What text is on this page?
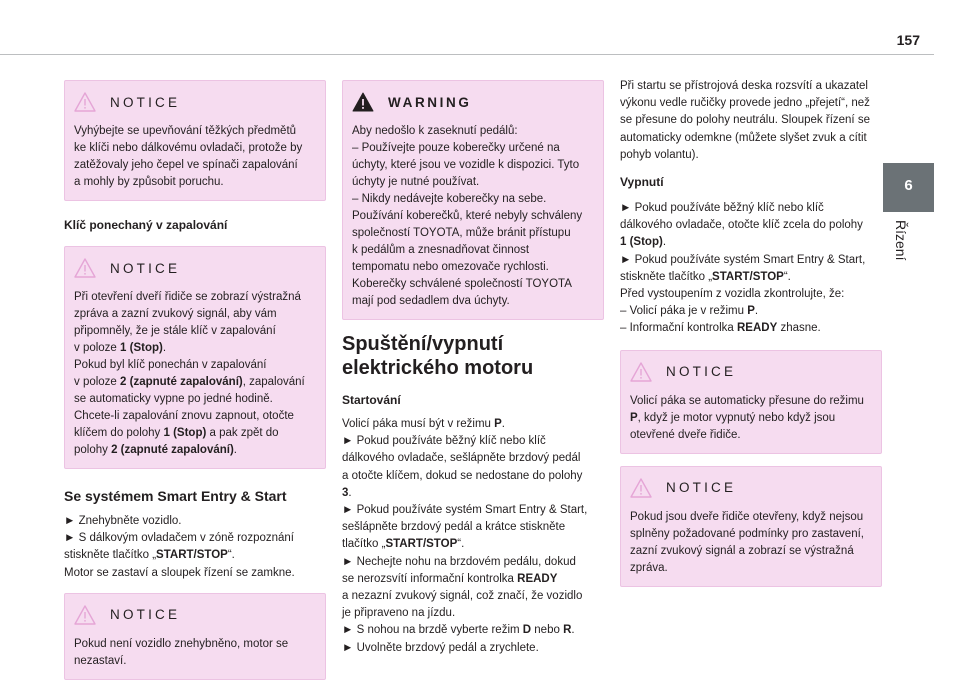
157
6
Řízení
NOTICE

Vyhýbejte se upevňování těžkých předmětů

ke klíči nebo dálkovému ovladači, protože by

zatěžovaly jeho čepel ve spínači zapalování

a mohly by způsobit poruchu.

Klíč ponechaný v zapalování
NOTICE

Při otevření dveří řidiče se zobrazí výstražná

zpráva a zazní zvukový signál, aby vám

připomněly, že je stále klíč v zapalování

v poloze 1 (Stop).

Pokud byl klíč ponechán v zapalování

v poloze 2 (zapnuté zapalování), zapalování

se automaticky vypne po jedné hodině.

Chcete-li zapalování znovu zapnout, otočte

klíčem do polohy 1 (Stop) a pak zpět do

polohy 2 (zapnuté zapalování).

Se systémem Smart Entry & Start

► Znehybněte vozidlo.

► S dálkovým ovladačem v zóně rozpoznání

stiskněte tlačítko „START/STOP“.

Motor se zastaví a sloupek řízení se zamkne.

NOTICE

Pokud není vozidlo znehybněno, motor se

nezastaví.

WARNING

Aby nedošlo k zaseknutí pedálů:

– Používejte pouze koberečky určené na

úchyty, které jsou ve vozidle k dispozici. Tyto

úchyty je nutné používat.

– Nikdy nedávejte koberečky na sebe.

Používání koberečků, které nebyly schváleny

společností TOYOTA, může bránit přístupu

k pedálům a znesnadňovat činnost

tempomatu nebo omezovače rychlosti.

Koberečky schválené společností TOYOTA

mají pod sedadlem dva úchyty.

Spuštění/vypnutí
elektrického motoru
Startování

Volicí páka musí být v režimu P.

► Pokud používáte běžný klíč nebo klíč

dálkového ovladače, sešlápněte brzdový pedál

a otočte klíčem, dokud se nedostane do polohy

3.

► Pokud používáte systém Smart Entry & Start,

sešlápněte brzdový pedál a krátce stiskněte

tlačítko „START/STOP“.

► Nechejte nohu na brzdovém pedálu, dokud

se nerozsvítí informační kontrolka READY

a nezazní zvukový signál, což značí, že vozidlo

je připraveno na jízdu.

► S nohou na brzdě vyberte režim D nebo R.

► Uvolněte brzdový pedál a zrychlete.

Při startu se přístrojová deska rozsvítí a ukazatel

výkonu vedle ručičky provede jedno „přejetí“, než

se přesune do polohy neutrálu. Sloupek řízení se

automaticky odemkne (můžete slyšet zvuk a cítit

pohyb volantu).

Vypnutí

► Pokud používáte běžný klíč nebo klíč

dálkového ovladače, otočte klíč zcela do polohy

1 (Stop).

► Pokud používáte systém Smart Entry & Start,

stiskněte tlačítko „START/STOP“.

Před vystoupením z vozidla zkontrolujte, že:

– Volicí páka je v režimu P.

– Informační kontrolka READY zhasne.

NOTICE

Volicí páka se automaticky přesune do režimu

P, když je motor vypnutý nebo když jsou

otevřené dveře řidiče.

NOTICE

Pokud jsou dveře řidiče otevřeny, když nejsou

splněny požadované podmínky pro zastavení,

zazní zvukový signál a zobrazí se výstražná

zpráva.
